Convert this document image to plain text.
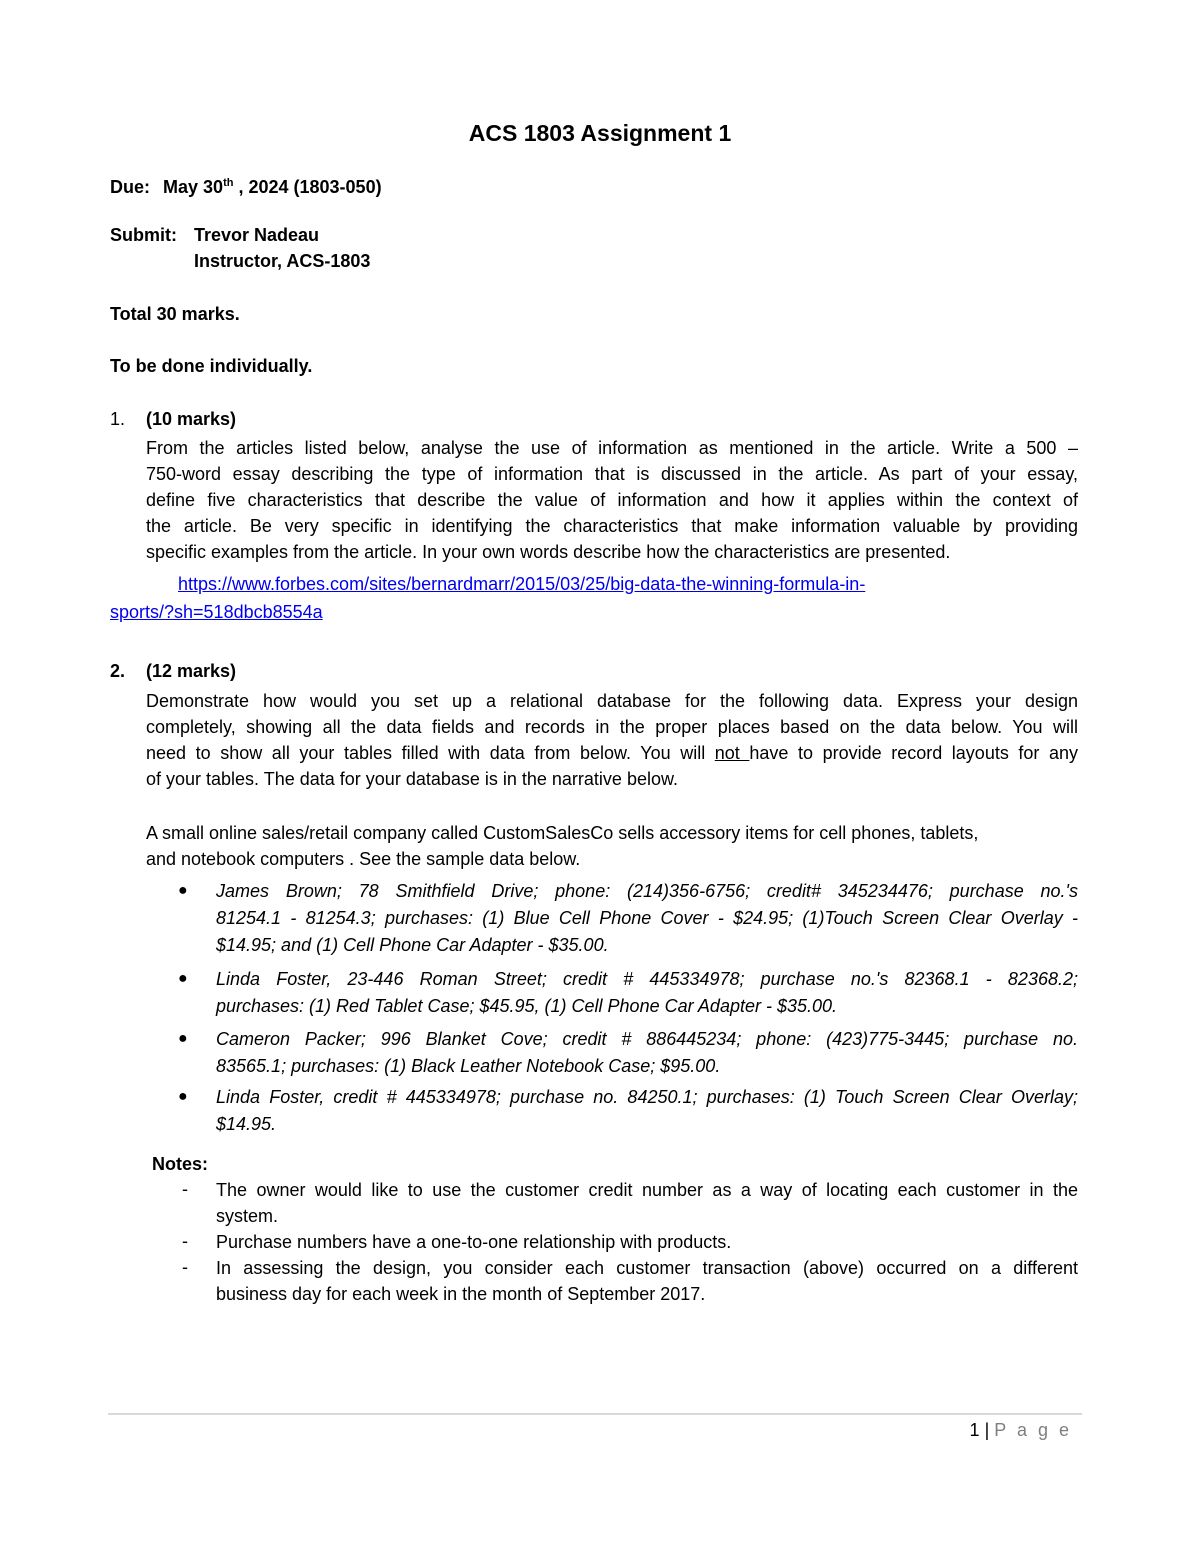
ACS 1803 Assignment 1
Due: May 30th , 2024 (1803-050)
Submit: Trevor Nadeau
Instructor, ACS-1803
Total 30 marks.
To be done individually.
1. (10 marks)
From the articles listed below, analyse the use of information as mentioned in the article. Write a 500 –
750-word essay describing the type of information that is discussed in the article. As part of your essay,
define five characteristics that describe the value of information and how it applies within the context of
the article. Be very specific in identifying the characteristics that make information valuable by providing
specific examples from the article. In your own words describe how the characteristics are presented.
https://www.forbes.com/sites/bernardmarr/2015/03/25/big-data-the-winning-formula-in-
sports/?sh=518dbcb8554a
2. (12 marks)
Demonstrate how would you set up a relational database for the following data. Express your design
completely, showing all the data fields and records in the proper places based on the data below. You will
need to show all your tables filled with data from below. You will not have to provide record layouts for any
of your tables. The data for your database is in the narrative below.
A small online sales/retail company called CustomSalesCo sells accessory items for cell phones, tablets,
and notebook computers . See the sample data below.
● James Brown; 78 Smithfield Drive; phone: (214)356-6756; credit# 345234476; purchase no.'s
81254.1 - 81254.3; purchases: (1) Blue Cell Phone Cover - $24.95; (1)Touch Screen Clear Overlay -
$14.95; and (1) Cell Phone Car Adapter - $35.00.
● Linda Foster, 23-446 Roman Street; credit # 445334978; purchase no.'s 82368.1 - 82368.2;
purchases: (1) Red Tablet Case; $45.95, (1) Cell Phone Car Adapter - $35.00.
● Cameron Packer; 996 Blanket Cove; credit # 886445234; phone: (423)775-3445; purchase no.
83565.1; purchases: (1) Black Leather Notebook Case; $95.00.
● Linda Foster, credit # 445334978; purchase no. 84250.1; purchases: (1) Touch Screen Clear Overlay;
$14.95.
Notes:
- The owner would like to use the customer credit number as a way of locating each customer in the
system.
- Purchase numbers have a one-to-one relationship with products.
- In assessing the design, you consider each customer transaction (above) occurred on a different
business day for each week in the month of September 2017.
1 | P a g e
